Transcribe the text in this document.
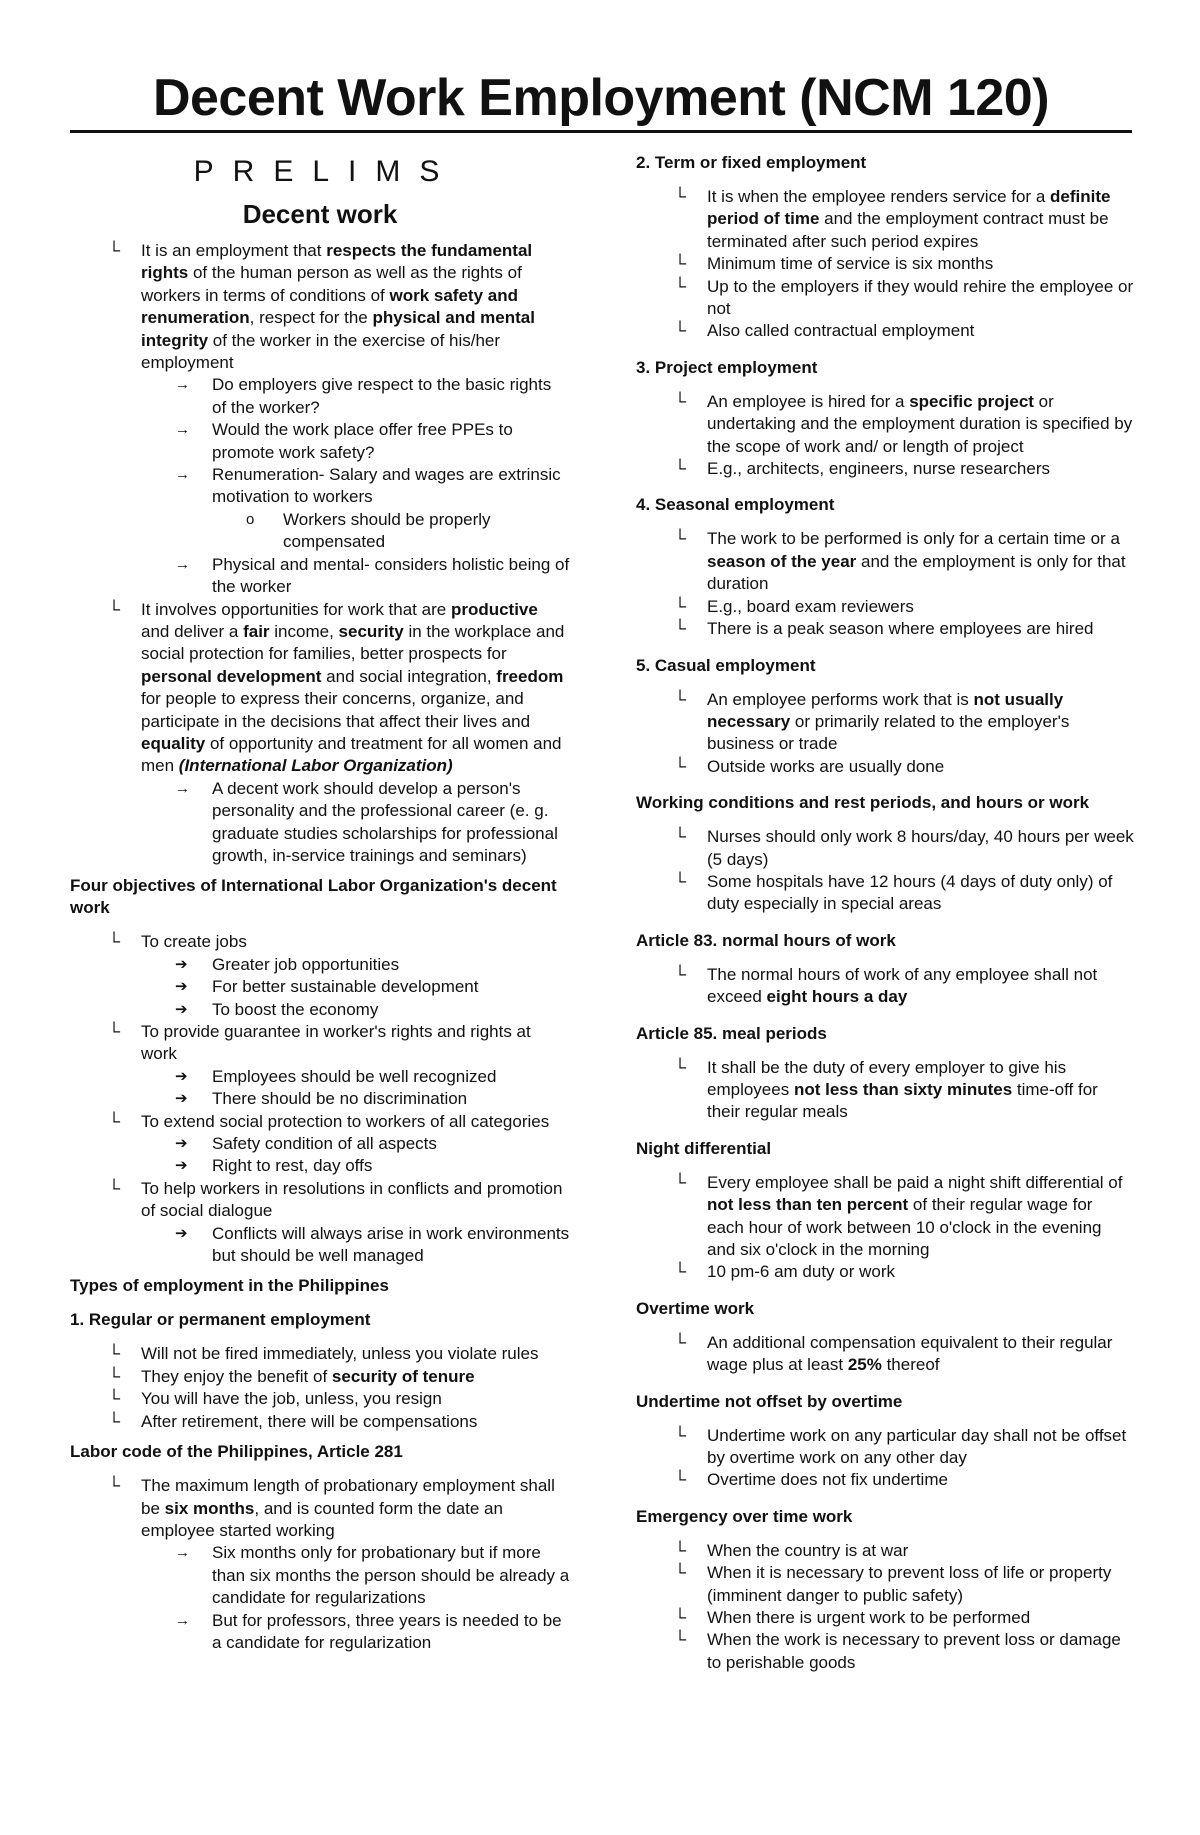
Decent Work Employment (NCM 120)
PRELIMS
Decent work
└ It is an employment that respects the fundamental rights of the human person as well as the rights of workers in terms of conditions of work safety and renumeration, respect for the physical and mental integrity of the worker in the exercise of his/her employment
→ Do employers give respect to the basic rights of the worker?
→ Would the work place offer free PPEs to promote work safety?
→ Renumeration- Salary and wages are extrinsic motivation to workers
o Workers should be properly compensated
→ Physical and mental- considers holistic being of the worker
└ It involves opportunities for work that are productive and deliver a fair income, security in the workplace and social protection for families, better prospects for personal development and social integration, freedom for people to express their concerns, organize, and participate in the decisions that affect their lives and equality of opportunity and treatment for all women and men (International Labor Organization)
→ A decent work should develop a person's personality and the professional career (e. g. graduate studies scholarships for professional growth, in-service trainings and seminars)
Four objectives of International Labor Organization's decent work
└ To create jobs
➔ Greater job opportunities
➔ For better sustainable development
➔ To boost the economy
└ To provide guarantee in worker's rights and rights at work
➔ Employees should be well recognized
➔ There should be no discrimination
└ To extend social protection to workers of all categories
➔ Safety condition of all aspects
➔ Right to rest, day offs
└ To help workers in resolutions in conflicts and promotion of social dialogue
➔ Conflicts will always arise in work environments but should be well managed
Types of employment in the Philippines
1. Regular or permanent employment
└ Will not be fired immediately, unless you violate rules
└ They enjoy the benefit of security of tenure
└ You will have the job, unless, you resign
└ After retirement, there will be compensations
Labor code of the Philippines, Article 281
└ The maximum length of probationary employment shall be six months, and is counted form the date an employee started working
→ Six months only for probationary but if more than six months the person should be already a candidate for regularizations
→ But for professors, three years is needed to be a candidate for regularization
2. Term or fixed employment
└ It is when the employee renders service for a definite period of time and the employment contract must be terminated after such period expires
└ Minimum time of service is six months
└ Up to the employers if they would rehire the employee or not
└ Also called contractual employment
3. Project employment
└ An employee is hired for a specific project or undertaking and the employment duration is specified by the scope of work and/ or length of project
└ E.g., architects, engineers, nurse researchers
4. Seasonal employment
└ The work to be performed is only for a certain time or a season of the year and the employment is only for that duration
└ E.g., board exam reviewers
└ There is a peak season where employees are hired
5. Casual employment
└ An employee performs work that is not usually necessary or primarily related to the employer's business or trade
└ Outside works are usually done
Working conditions and rest periods, and hours or work
└ Nurses should only work 8 hours/day, 40 hours per week (5 days)
└ Some hospitals have 12 hours (4 days of duty only) of duty especially in special areas
Article 83. normal hours of work
└ The normal hours of work of any employee shall not exceed eight hours a day
Article 85. meal periods
└ It shall be the duty of every employer to give his employees not less than sixty minutes time-off for their regular meals
Night differential
└ Every employee shall be paid a night shift differential of not less than ten percent of their regular wage for each hour of work between 10 o'clock in the evening and six o'clock in the morning
└ 10 pm-6 am duty or work
Overtime work
└ An additional compensation equivalent to their regular wage plus at least 25% thereof
Undertime not offset by overtime
└ Undertime work on any particular day shall not be offset by overtime work on any other day
└ Overtime does not fix undertime
Emergency over time work
└ When the country is at war
└ When it is necessary to prevent loss of life or property (imminent danger to public safety)
└ When there is urgent work to be performed
└ When the work is necessary to prevent loss or damage to perishable goods
